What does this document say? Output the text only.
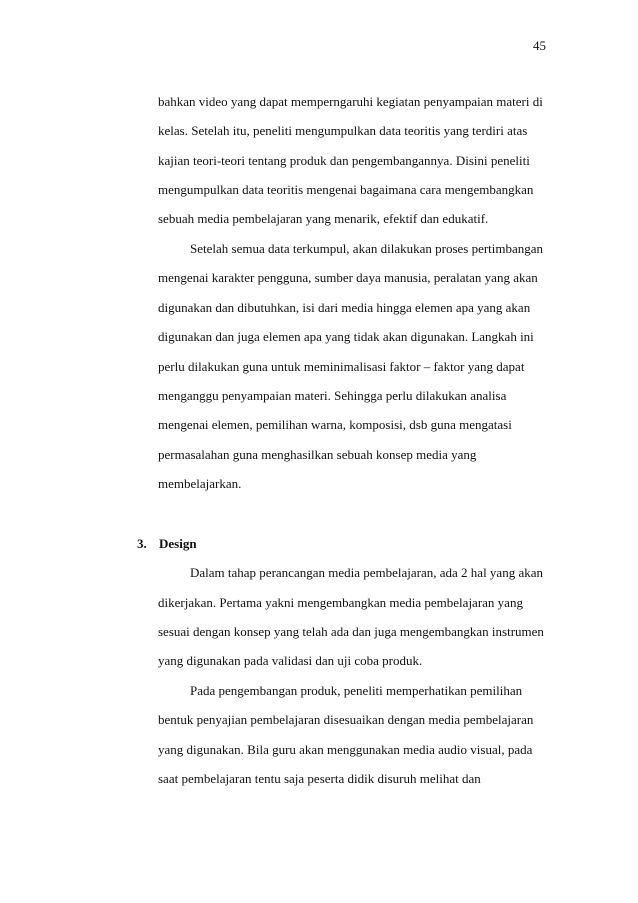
45
bahkan video yang dapat memperngaruhi kegiatan penyampaian materi di
kelas. Setelah itu, peneliti mengumpulkan data teoritis yang terdiri atas
kajian teori-teori tentang produk dan pengembangannya. Disini peneliti
mengumpulkan data teoritis mengenai bagaimana cara mengembangkan
sebuah media pembelajaran yang menarik, efektif dan edukatif.
Setelah semua data terkumpul, akan dilakukan proses pertimbangan
mengenai karakter pengguna, sumber daya manusia, peralatan yang akan
digunakan dan dibutuhkan, isi dari media hingga elemen apa yang akan
digunakan dan juga elemen apa yang tidak akan digunakan. Langkah ini
perlu dilakukan guna untuk meminimalisasi faktor – faktor yang dapat
menganggu penyampaian materi. Sehingga perlu dilakukan analisa
mengenai elemen, pemilihan warna, komposisi, dsb guna mengatasi
permasalahan guna menghasilkan sebuah konsep media yang
membelajarkan.
3. Design
Dalam tahap perancangan media pembelajaran, ada 2 hal yang akan
dikerjakan. Pertama yakni mengembangkan media pembelajaran yang
sesuai dengan konsep yang telah ada dan juga mengembangkan instrumen
yang digunakan pada validasi dan uji coba produk.
Pada pengembangan produk, peneliti memperhatikan pemilihan
bentuk penyajian pembelajaran disesuaikan dengan media pembelajaran
yang digunakan. Bila guru akan menggunakan media audio visual, pada
saat pembelajaran tentu saja peserta didik disuruh melihat dan
